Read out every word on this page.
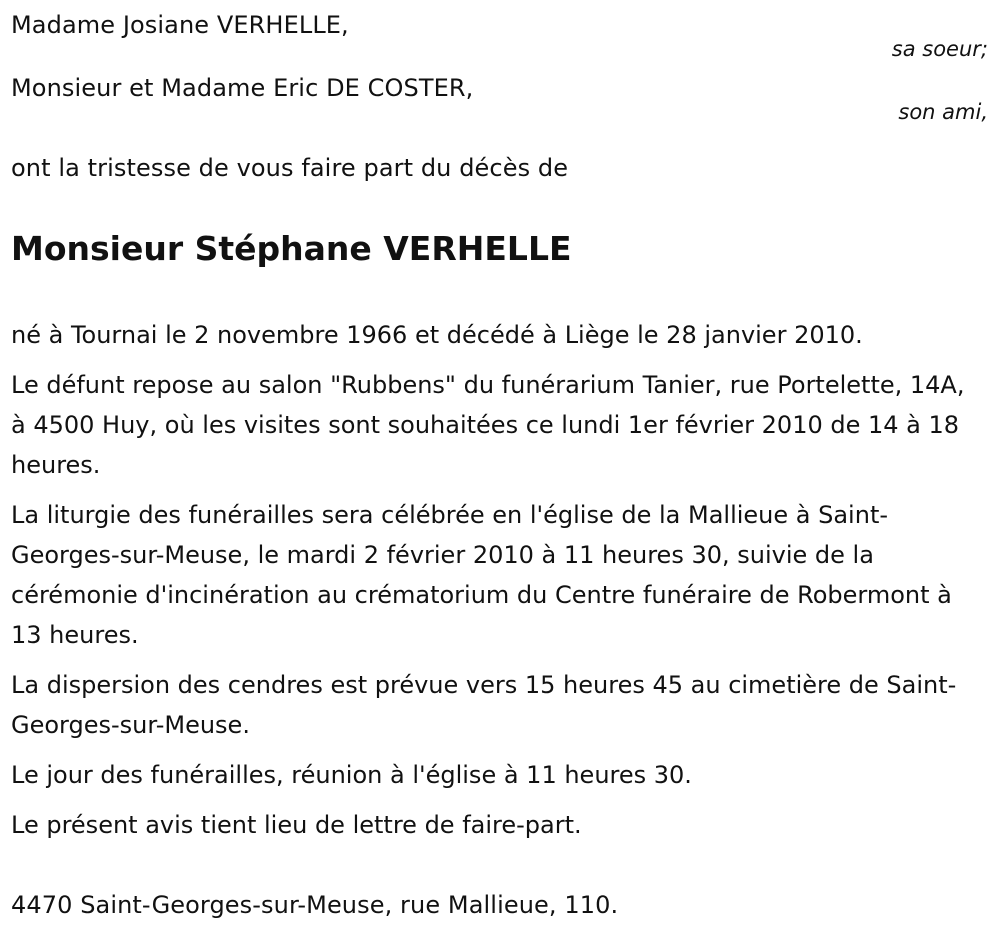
Madame Josiane VERHELLE,
sa soeur;
Monsieur et Madame Eric DE COSTER,
son ami,
ont la tristesse de vous faire part du décès de
Monsieur Stéphane VERHELLE
né à Tournai le 2 novembre 1966 et décédé à Liège le 28 janvier 2010.
Le défunt repose au salon "Rubbens" du funérarium Tanier, rue Portelette, 14A, à 4500 Huy, où les visites sont souhaitées ce lundi 1er février 2010 de 14 à 18 heures.
La liturgie des funérailles sera célébrée en l'église de la Mallieue à Saint-Georges-sur-Meuse, le mardi 2 février 2010 à 11 heures 30, suivie de la cérémonie d'incinération au crématorium du Centre funéraire de Robermont à 13 heures.
La dispersion des cendres est prévue vers 15 heures 45 au cimetière de Saint-Georges-sur-Meuse.
Le jour des funérailles, réunion à l'église à 11 heures 30.
Le présent avis tient lieu de lettre de faire-part.
4470 Saint-Georges-sur-Meuse, rue Mallieue, 110.
